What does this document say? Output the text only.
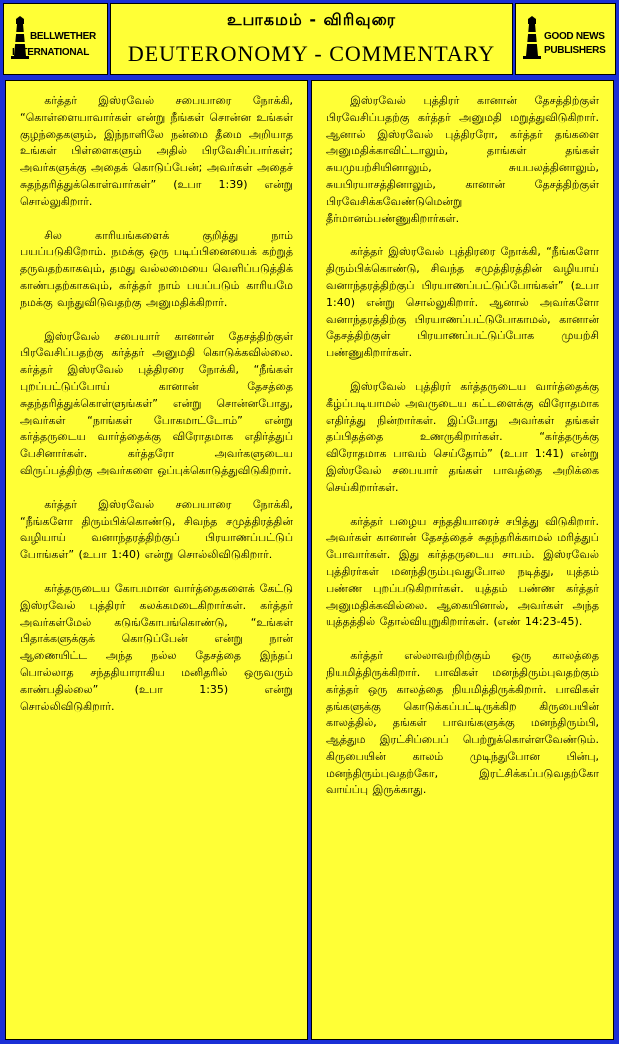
BELLWETHER
INTERNATIONAL
உபாகமம் - விரிவுரை
DEUTERONOMY - COMMENTARY
GOOD NEWS
PUBLISHERS

கர்த்தர் இஸ்ரவேல் சபையாரை நோக்கி, “கொள்ளையாவார்கள் என்று நீங்கள் சொன்ன உங்கள் குழந்தைகளும், இந்நாளிலே நன்மை தீமை அறியாத உங்கள் பிள்ளைகளும் அதில் பிரவேசிப்பார்கள்; அவர்களுக்கு அதைக் கொடுப்பேன்; அவர்கள் அதைச் சுதந்தரித்துக்கொள்வார்கள்” (உபா 1:39) என்று சொல்லுகிறார்.

சில காரியங்களைக் குறித்து நாம் பயப்படுகிறோம். நமக்கு ஒரு படிப்பினையைக் கற்றுத் தருவதற்காகவும், தமது வல்லமையை வெளிப்படுத்திக் காண்பதற்காகவும், கர்த்தர் நாம் பயப்படும் காரியமே நமக்கு வந்துவிடுவதற்கு அனுமதிக்கிறார்.

இஸ்ரவேல் சபையார் கானான் தேசத்திற்குள் பிரவேசிப்பதற்கு கர்த்தர் அனுமதி கொடுக்கவில்லை. கர்த்தர் இஸ்ரவேல் புத்திரரை நோக்கி, “நீங்கள் புறப்பட்டுப்போய் கானான் தேசத்தை சுதந்தரித்துக்கொள்ளுங்கள்” என்று சொன்னபோது, அவர்கள் “நாங்கள் போகமாட்டோம்” என்று கர்த்தருடைய வார்த்தைக்கு விரோதமாக எதிர்த்துப் பேசினார்கள். கர்த்தரோ அவர்களுடைய விருப்பத்திற்கு அவர்களை ஒப்புக்கொடுத்துவிடுகிறார்.

கர்த்தர் இஸ்ரவேல் சபையாரை நோக்கி, “நீங்களோ திரும்பிக்கொண்டு, சிவந்த சமுத்திரத்தின் வழியாய் வனாந்தரத்திற்குப் பிரயாணப்பட்டுப் போங்கள்” (உபா 1:40) என்று சொல்லிவிடுகிறார்.

கர்த்தருடைய கோபமான வார்த்தைகளைக் கேட்டு இஸ்ரவேல் புத்திரர் கலக்கமடைகிறார்கள். கர்த்தர் அவர்கள்மேல் கடுங்கோபங்கொண்டு, “உங்கள் பிதாக்களுக்குக் கொடுப்பேன் என்று நான் ஆணையிட்ட அந்த நல்ல தேசத்தை இந்தப் பொல்லாத சந்ததியாராகிய மனிதரில் ஒருவரும் காண்பதில்லை” (உபா 1:35) என்று சொல்லிவிடுகிறார்.

இஸ்ரவேல் புத்திரர் கானான் தேசத்திற்குள் பிரவேசிப்பதற்கு கர்த்தர் அனுமதி மறுத்துவிடுகிறார். ஆனால் இஸ்ரவேல் புத்திரரோ, கர்த்தர் தங்களை அனுமதிக்காவிட்டாலும், தாங்கள் தங்கள் சுயமுயற்சியினாலும், சுயபலத்தினாலும், சுயபிரயாசத்தினாலும், கானான் தேசத்திற்குள் பிரவேசிக்கவேண்டுமென்று தீர்மானம்பண்ணுகிறார்கள்.

கர்த்தர் இஸ்ரவேல் புத்திரரை நோக்கி, “நீங்களோ திரும்பிக்கொண்டு, சிவந்த சமுத்திரத்தின் வழியாய் வனாந்தரத்திற்குப் பிரயாணப்பட்டுப்போங்கள்” (உபா 1:40) என்று சொல்லுகிறார். ஆனால் அவர்களோ வனாந்தரத்திற்கு பிரயாணப்பட்டுபோகாமல், கானான் தேசத்திற்குள் பிரயாணப்பட்டுப்போக முயற்சி பண்ணுகிறார்கள்.

இஸ்ரவேல் புத்திரர் கர்த்தருடைய வார்த்தைக்கு கீழ்ப்படியாமல் அவருடைய கட்டளைக்கு விரோதமாக எதிர்த்து நின்றார்கள். இப்போது அவர்கள் தங்கள் தப்பிதத்தை உணருகிறார்கள். “கர்த்தருக்கு விரோதமாக பாவம் செய்தோம்” (உபா 1:41) என்று இஸ்ரவேல் சபையார் தங்கள் பாவத்தை அறிக்கை செய்கிறார்கள்.

கர்த்தர் பழைய சந்ததியாரைச் சபித்து விடுகிறார். அவர்கள் கானான் தேசத்தைச் சுதந்தரிக்காமல் மரித்துப் போவார்கள். இது கர்த்தருடைய சாபம். இஸ்ரவேல் புத்திரர்கள் மனந்திரும்புவதுபோல நடித்து, யுத்தம் பண்ண புறப்படுகிறார்கள். யுத்தம் பண்ண கர்த்தர் அனுமதிக்கவில்லை. ஆகையினால், அவர்கள் அந்த யுத்தத்தில் தோல்வியுறுகிறார்கள். (எண் 14:23-45).

கர்த்தர் எல்லாவற்றிற்கும் ஒரு காலத்தை நியமித்திருக்கிறார். பாவிகள் மனந்திரும்புவதற்கும் கர்த்தர் ஒரு காலத்தை நியமித்திருக்கிறார். பாவிகள் தங்களுக்கு கொடுக்கப்பட்டிருக்கிற கிருபையின் காலத்தில், தங்கள் பாவங்களுக்கு மனந்திரும்பி, ஆத்தும இரட்சிப்பைப் பெற்றுக்கொள்ளவேண்டும். கிருபையின் காலம் முடிந்துபோன பின்பு, மனந்திரும்புவதற்கோ, இரட்சிக்கப்படுவதற்கோ வாய்ப்பு இருக்காது.
